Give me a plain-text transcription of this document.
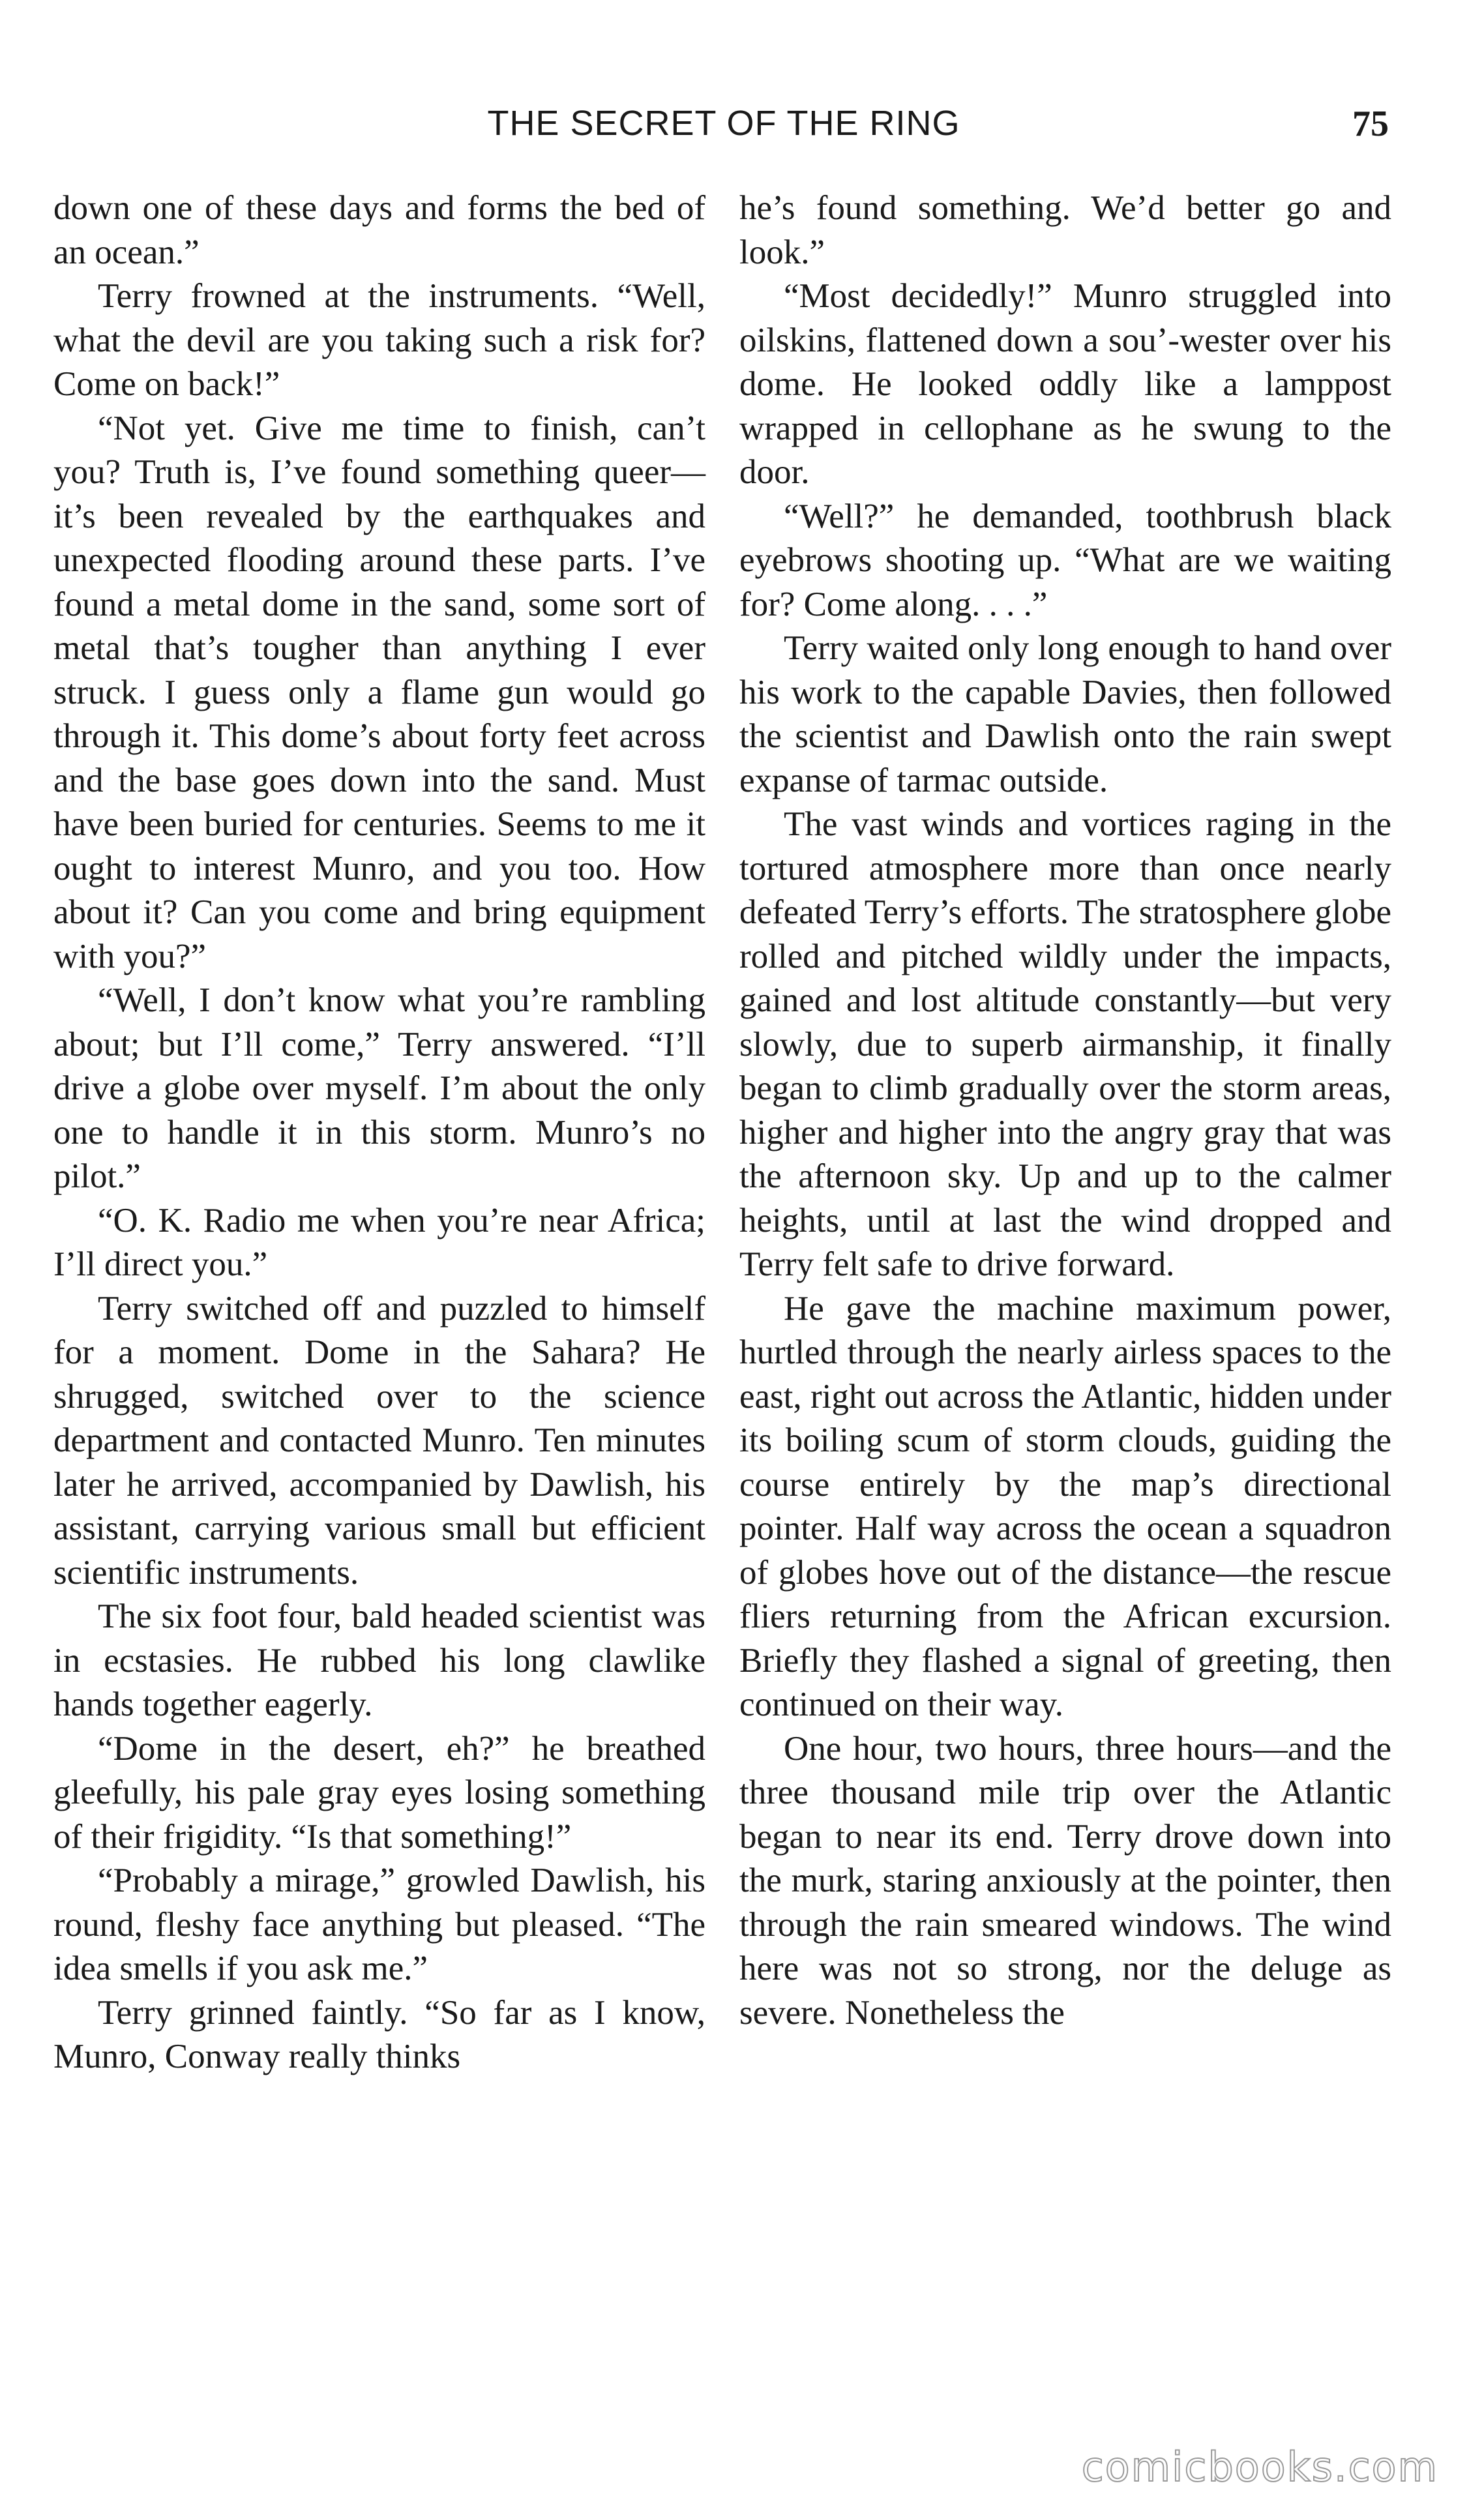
THE SECRET OF THE RING	75

down one of these days and forms the bed of an ocean.”

Terry frowned at the instruments. “Well, what the devil are you taking such a risk for? Come on back!”

“Not yet. Give me time to finish, can’t you? Truth is, I’ve found something queer—it’s been revealed by the earthquakes and unexpected flooding around these parts. I’ve found a metal dome in the sand, some sort of metal that’s tougher than anything I ever struck. I guess only a flame gun would go through it. This dome’s about forty feet across and the base goes down into the sand. Must have been buried for centuries. Seems to me it ought to interest Munro, and you too. How about it? Can you come and bring equipment with you?”

“Well, I don’t know what you’re rambling about; but I’ll come,” Terry answered. “I’ll drive a globe over myself. I’m about the only one to handle it in this storm. Munro’s no pilot.”

“O. K. Radio me when you’re near Africa; I’ll direct you.”

Terry switched off and puzzled to himself for a moment. Dome in the Sahara? He shrugged, switched over to the science department and contacted Munro. Ten minutes later he arrived, accompanied by Dawlish, his assistant, carrying various small but efficient scientific instruments.

The six foot four, bald headed scientist was in ecstasies. He rubbed his long clawlike hands together eagerly.

“Dome in the desert, eh?” he breathed gleefully, his pale gray eyes losing something of their frigidity. “Is that something!”

“Probably a mirage,” growled Dawlish, his round, fleshy face anything but pleased. “The idea smells if you ask me.”

Terry grinned faintly. “So far as I know, Munro, Conway really thinks

he’s found something. We’d better go and look.”

“Most decidedly!” Munro struggled into oilskins, flattened down a sou’-wester over his dome. He looked oddly like a lamppost wrapped in cellophane as he swung to the door.

“Well?” he demanded, toothbrush black eyebrows shooting up. “What are we waiting for? Come along. . . .”

Terry waited only long enough to hand over his work to the capable Davies, then followed the scientist and Dawlish onto the rain swept expanse of tarmac outside.

The vast winds and vortices raging in the tortured atmosphere more than once nearly defeated Terry’s efforts. The stratosphere globe rolled and pitched wildly under the impacts, gained and lost altitude constantly—but very slowly, due to superb airmanship, it finally began to climb gradually over the storm areas, higher and higher into the angry gray that was the afternoon sky. Up and up to the calmer heights, until at last the wind dropped and Terry felt safe to drive forward.

He gave the machine maximum power, hurtled through the nearly airless spaces to the east, right out across the Atlantic, hidden under its boiling scum of storm clouds, guiding the course entirely by the map’s directional pointer. Half way across the ocean a squadron of globes hove out of the distance—the rescue fliers returning from the African excursion. Briefly they flashed a signal of greeting, then continued on their way.

One hour, two hours, three hours—and the three thousand mile trip over the Atlantic began to near its end. Terry drove down into the murk, staring anxiously at the pointer, then through the rain smeared windows. The wind here was not so strong, nor the deluge as severe. Nonetheless the

comicbooks.com
